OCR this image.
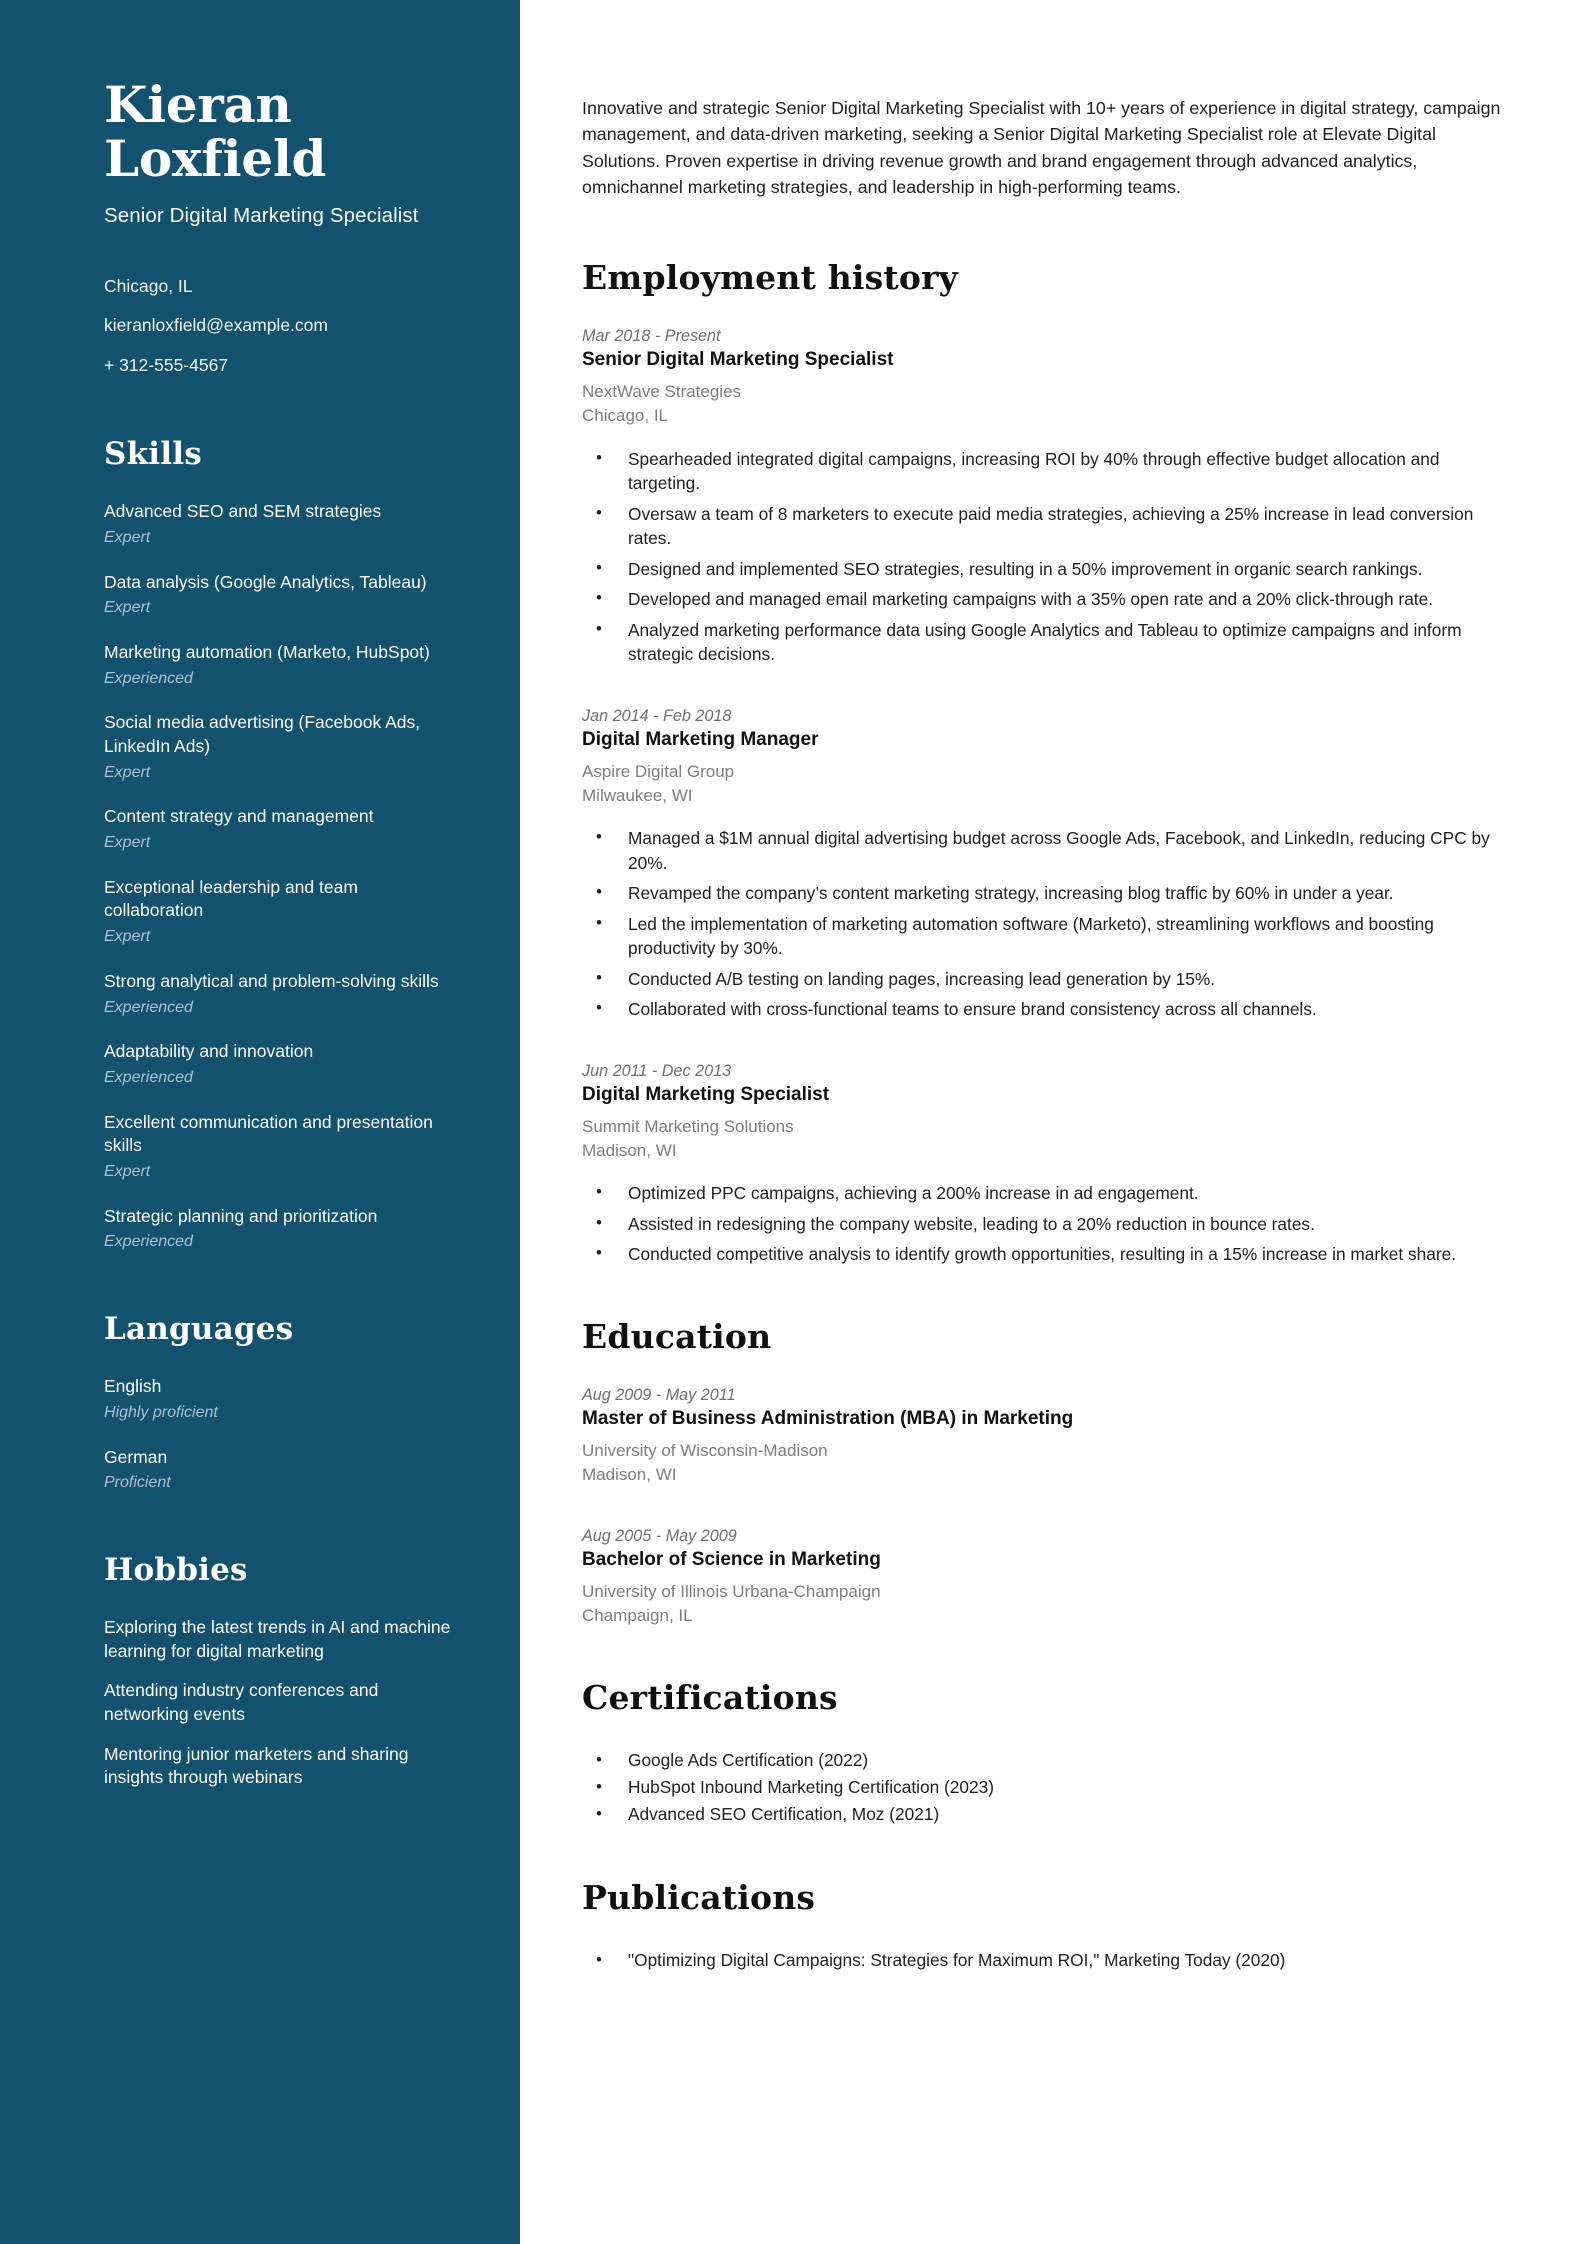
Kieran
Loxfield
Senior Digital Marketing Specialist
Chicago, IL
kieranloxfield@example.com
+ 312-555-4567
Skills
Advanced SEO and SEM strategies
Expert
Data analysis (Google Analytics, Tableau)
Expert
Marketing automation (Marketo, HubSpot)
Experienced
Social media advertising (Facebook Ads, LinkedIn Ads)
Expert
Content strategy and management
Expert
Exceptional leadership and team collaboration
Expert
Strong analytical and problem-solving skills
Experienced
Adaptability and innovation
Experienced
Excellent communication and presentation skills
Expert
Strategic planning and prioritization
Experienced
Languages
English
Highly proficient
German
Proficient
Hobbies
Exploring the latest trends in AI and machine learning for digital marketing
Attending industry conferences and networking events
Mentoring junior marketers and sharing insights through webinars

Innovative and strategic Senior Digital Marketing Specialist with 10+ years of experience in digital strategy, campaign management, and data-driven marketing, seeking a Senior Digital Marketing Specialist role at Elevate Digital Solutions. Proven expertise in driving revenue growth and brand engagement through advanced analytics, omnichannel marketing strategies, and leadership in high-performing teams.

Employment history
Mar 2018 - Present
Senior Digital Marketing Specialist
NextWave Strategies
Chicago, IL
• Spearheaded integrated digital campaigns, increasing ROI by 40% through effective budget allocation and targeting.
• Oversaw a team of 8 marketers to execute paid media strategies, achieving a 25% increase in lead conversion rates.
• Designed and implemented SEO strategies, resulting in a 50% improvement in organic search rankings.
• Developed and managed email marketing campaigns with a 35% open rate and a 20% click-through rate.
• Analyzed marketing performance data using Google Analytics and Tableau to optimize campaigns and inform strategic decisions.
Jan 2014 - Feb 2018
Digital Marketing Manager
Aspire Digital Group
Milwaukee, WI
• Managed a $1M annual digital advertising budget across Google Ads, Facebook, and LinkedIn, reducing CPC by 20%.
• Revamped the company’s content marketing strategy, increasing blog traffic by 60% in under a year.
• Led the implementation of marketing automation software (Marketo), streamlining workflows and boosting productivity by 30%.
• Conducted A/B testing on landing pages, increasing lead generation by 15%.
• Collaborated with cross-functional teams to ensure brand consistency across all channels.
Jun 2011 - Dec 2013
Digital Marketing Specialist
Summit Marketing Solutions
Madison, WI
• Optimized PPC campaigns, achieving a 200% increase in ad engagement.
• Assisted in redesigning the company website, leading to a 20% reduction in bounce rates.
• Conducted competitive analysis to identify growth opportunities, resulting in a 15% increase in market share.
Education
Aug 2009 - May 2011
Master of Business Administration (MBA) in Marketing
University of Wisconsin-Madison
Madison, WI
Aug 2005 - May 2009
Bachelor of Science in Marketing
University of Illinois Urbana-Champaign
Champaign, IL
Certifications
• Google Ads Certification (2022)
• HubSpot Inbound Marketing Certification (2023)
• Advanced SEO Certification, Moz (2021)
Publications
• "Optimizing Digital Campaigns: Strategies for Maximum ROI," Marketing Today (2020)
